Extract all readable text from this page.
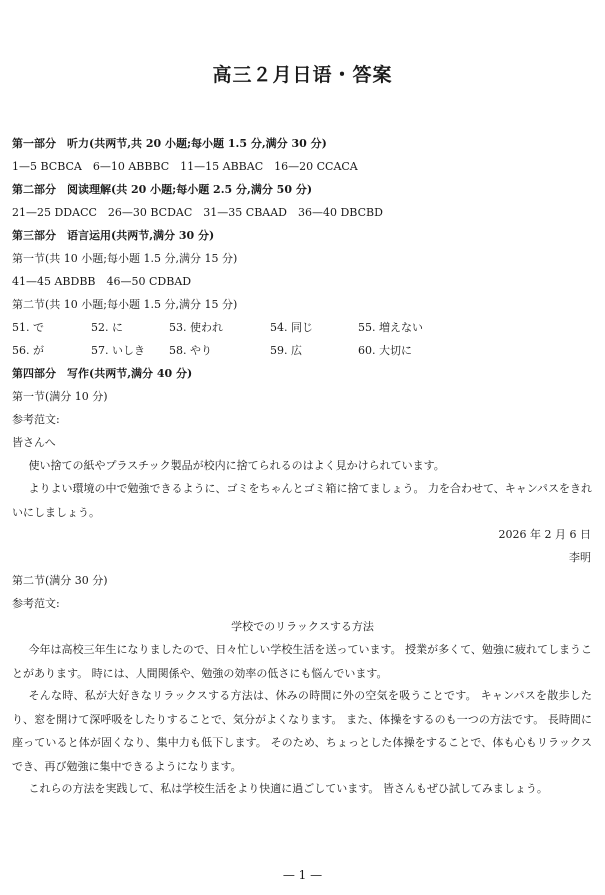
高三２月日语・答案
第一部分　听力(共两节,共 20 小题;每小题 1.5 分,满分 30 分)
1—5 BCBCA　6—10 ABBBC　11—15 ABBAC　16—20 CCACA
第二部分　阅读理解(共 20 小题;每小题 2.5 分,满分 50 分)
21—25 DDACC　26—30 BCDAC　31—35 CBAAD　36—40 DBCBD
第三部分　语言运用(共两节,满分 30 分)
第一节(共 10 小题;每小题 1.5 分,满分 15 分)
41—45 ABDBB　46—50 CDBAD
第二节(共 10 小题;每小题 1.5 分,满分 15 分)
51. で	52. に	53. 使われ	54. 同じ	55. 増えない
56. が	57. いしき 58. やり	59. 広	60. 大切に
第四部分　写作(共两节,满分 40 分)
第一节(满分 10 分)
参考范文:
皆さんへ
使い捨ての紙やプラスチック製品が校内に捨てられるのはよく見かけられています。
よりよい環境の中で勉強できるように、ゴミをちゃんとゴミ箱に捨てましょう。 力を合わせて、キャンパスをきれいにしましょう。
2026 年 2 月 6 日
李明
第二节(满分 30 分)
参考范文:
学校でのリラックスする方法
今年は高校三年生になりましたので、日々忙しい学校生活を送っています。 授業が多くて、勉強に疲れてしまうことがあります。 時には、人間関係や、勉強の効率の低さにも悩んでいます。
そんな時、私が大好きなリラックスする方法は、休みの時間に外の空気を吸うことです。 キャンパスを散歩したり、窓を開けて深呼吸をしたりすることで、気分がよくなります。 また、体操をするのも一つの方法です。 長時間に座っていると体が固くなり、集中力も低下します。 そのため、ちょっとした体操をすることで、体も心もリラックスでき、再び勉強に集中できるようになります。
これらの方法を実践して、私は学校生活をより快適に過ごしています。 皆さんもぜひ試してみましょう。
— 1 —
